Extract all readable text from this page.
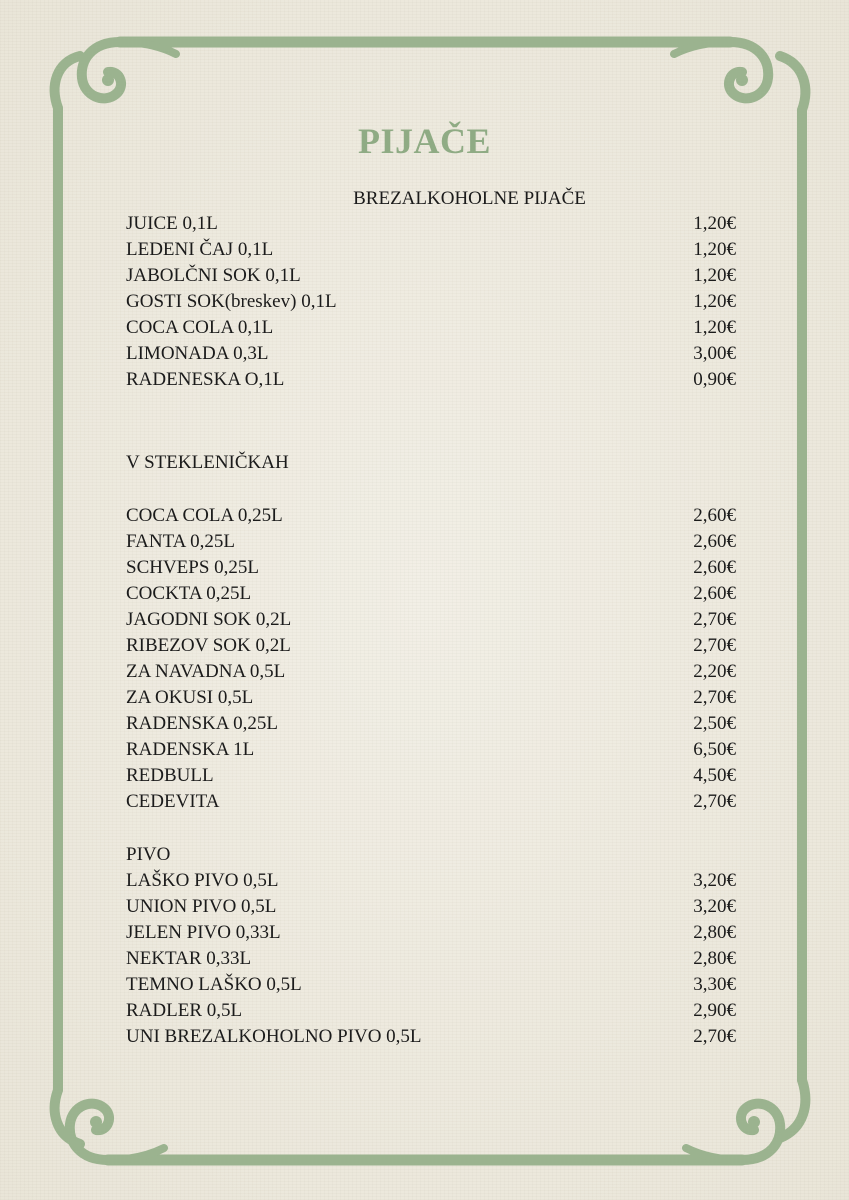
PIJAČE
BREZALKOHOLNE PIJAČE
JUICE 0,1L	1,20€
LEDENI ČAJ 0,1L	1,20€
JABOLČNI SOK 0,1L	1,20€
GOSTI SOK(breskev) 0,1L	1,20€
COCA COLA 0,1L	1,20€
LIMONADA 0,3L	3,00€
RADENESKA O,1L	0,90€
V STEKLENIČKAH
COCA COLA 0,25L	2,60€
FANTA 0,25L	2,60€
SCHVEPS 0,25L	2,60€
COCKTA 0,25L	2,60€
JAGODNI SOK 0,2L	2,70€
RIBEZOV SOK 0,2L	2,70€
ZA NAVADNA 0,5L	2,20€
ZA OKUSI 0,5L	2,70€
RADENSKA 0,25L	2,50€
RADENSKA 1L	6,50€
REDBULL	4,50€
CEDEVITA	2,70€
PIVO
LAŠKO PIVO 0,5L	3,20€
UNION PIVO 0,5L	3,20€
JELEN PIVO 0,33L	2,80€
NEKTAR 0,33L	2,80€
TEMNO LAŠKO 0,5L	3,30€
RADLER 0,5L	2,90€
UNI BREZALKOHOLNO PIVO 0,5L	2,70€
